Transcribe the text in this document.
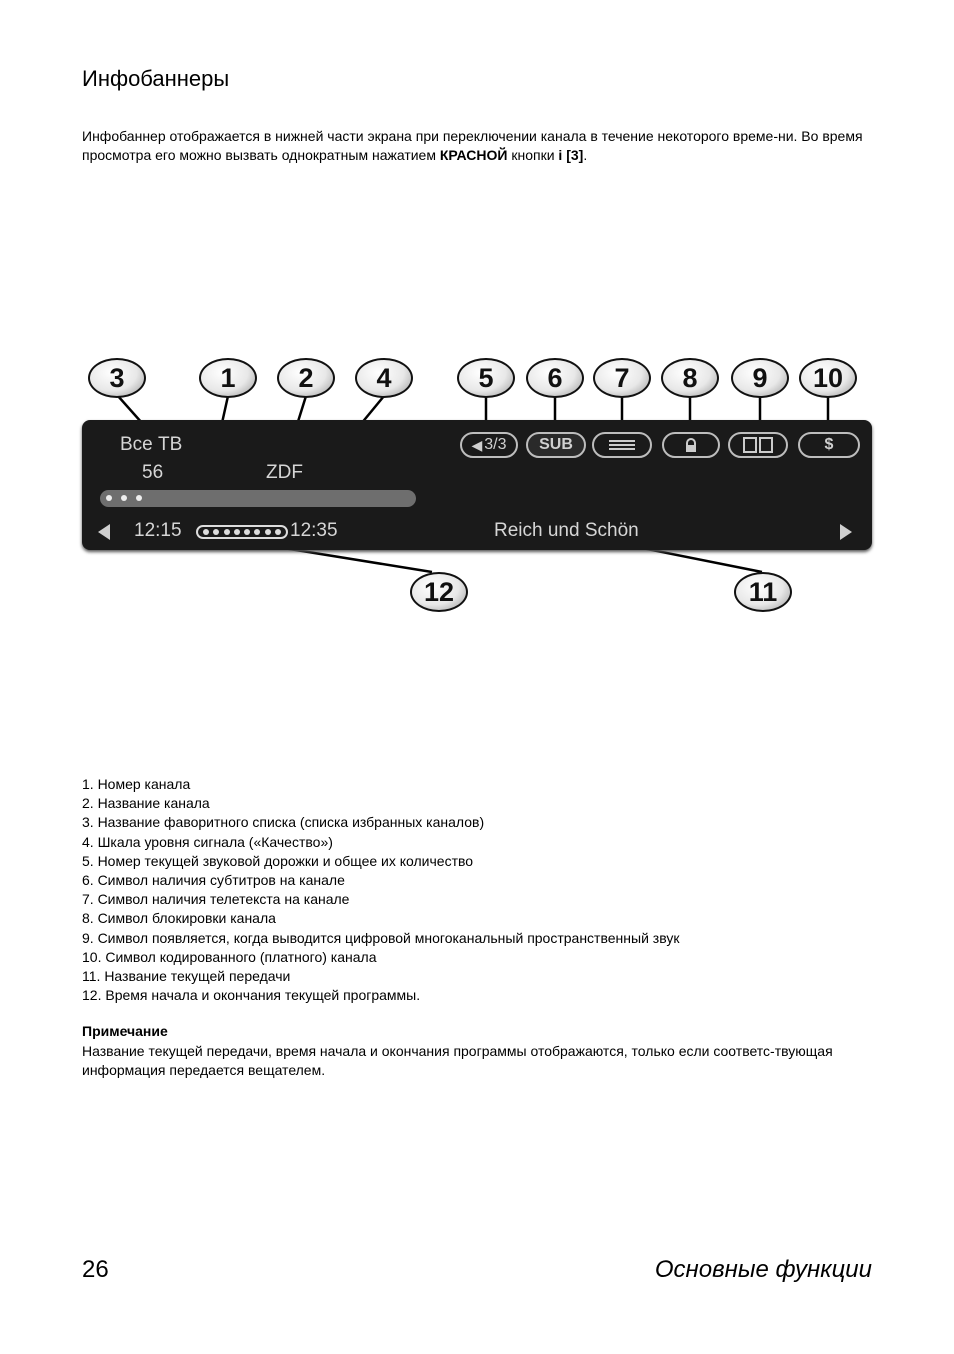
Инфобаннеры
Инфобаннер отображается в нижней части экрана при переключении канала в течение некоторого време-ни. Во время просмотра его можно вызвать однократным нажатием КРАСНОЙ кнопки i [3].
Все ТВ
56	ZDF
◀ 3/3	SUB	$
12:15	12:35	Reich und Schön
3	1	2	4	5	6	7	8	9	10
12	11
1. Номер канала
2. Название канала
3. Название фаворитного списка (списка избранных каналов)
4. Шкала уровня сигнала («Качество»)
5. Номер текущей звуковой дорожки и общее их количество
6. Символ наличия субтитров на канале
7. Символ наличия телетекста на канале
8. Символ блокировки канала
9. Символ появляется, когда выводится цифровой многоканальный пространственный звук
10. Символ кодированного (платного) канала
11. Название текущей передачи
12. Время начала и окончания текущей программы.
Примечание
Название текущей передачи, время начала и окончания программы отображаются, только если соответс-твующая информация передается вещателем.
26	Основные функции
